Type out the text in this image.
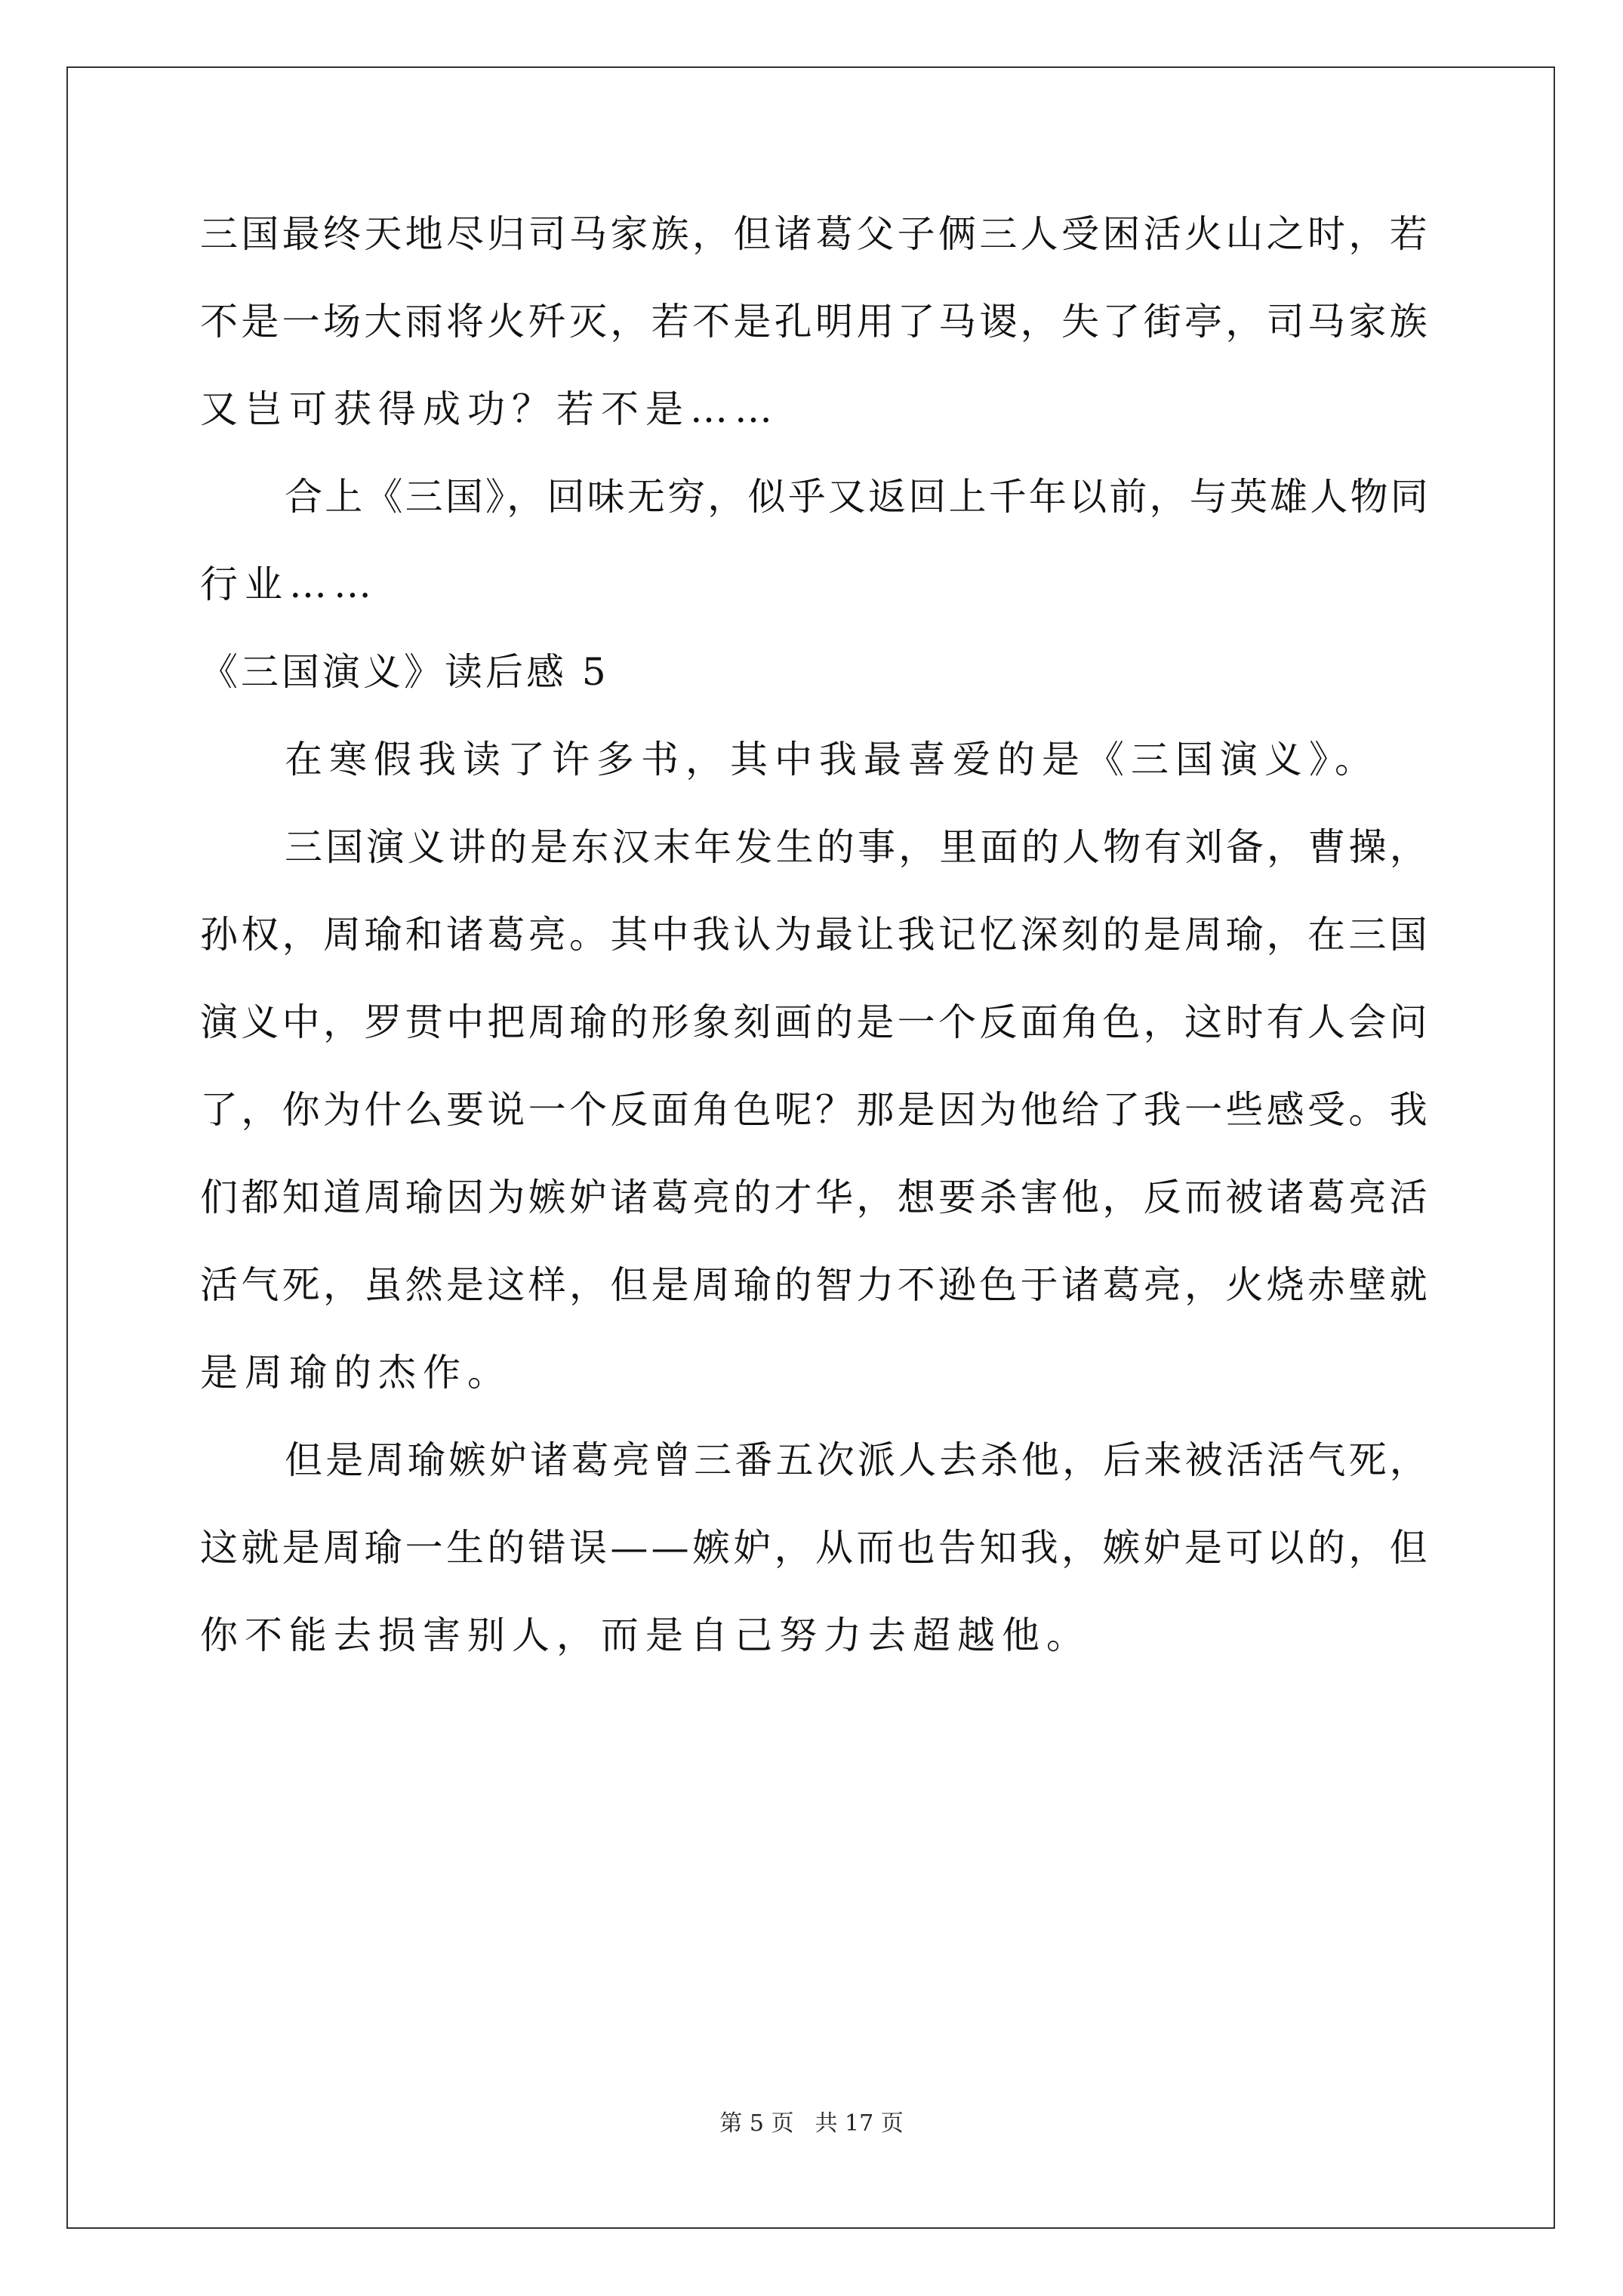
三国最终天地尽归司马家族，但诸葛父子俩三人受困活火山之时，若
不是一场大雨将火歼灭，若不是孔明用了马谡，失了街亭，司马家族
又岂可获得成功？若不是……
合上《三国》，回味无穷，似乎又返回上千年以前，与英雄人物同
行业……
《三国演义》读后感 5
在寒假我读了许多书，其中我最喜爱的是《三国演义》。
三国演义讲的是东汉末年发生的事，里面的人物有刘备，曹操，
孙权，周瑜和诸葛亮。其中我认为最让我记忆深刻的是周瑜，在三国
演义中，罗贯中把周瑜的形象刻画的是一个反面角色，这时有人会问
了，你为什么要说一个反面角色呢？那是因为他给了我一些感受。我
们都知道周瑜因为嫉妒诸葛亮的才华，想要杀害他，反而被诸葛亮活
活气死，虽然是这样，但是周瑜的智力不逊色于诸葛亮，火烧赤壁就
是周瑜的杰作。
但是周瑜嫉妒诸葛亮曾三番五次派人去杀他，后来被活活气死，
这就是周瑜一生的错误——嫉妒，从而也告知我，嫉妒是可以的，但
你不能去损害别人，而是自己努力去超越他。
第 5 页 共 17 页
